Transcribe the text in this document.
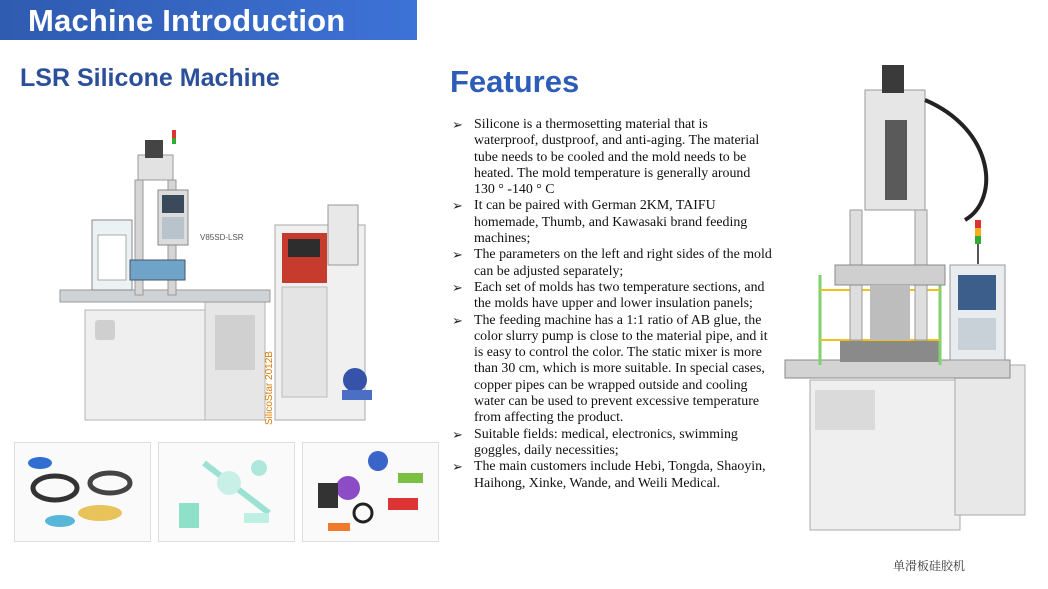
Machine Introduction
LSR Silicone Machine
V85SD-LSR
SilicoStar 2012B
Features
➢ Silicone is a thermosetting material that is waterproof, dustproof, and anti-aging. The material tube needs to be cooled and the mold needs to be heated. The mold temperature is generally around 130 ° -140 ° C
➢ It can be paired with German 2KM, TAIFU homemade, Thumb, and Kawasaki brand feeding machines;
➢ The parameters on the left and right sides of the mold can be adjusted separately;
➢ Each set of molds has two temperature sections, and the molds have upper and lower insulation panels;
➢ The feeding machine has a 1:1 ratio of AB glue, the color slurry pump is close to the material pipe, and it is easy to control the color. The static mixer is more than 30 cm, which is more suitable. In special cases, copper pipes can be wrapped outside and cooling water can be used to prevent excessive temperature from affecting the product.
➢ Suitable fields: medical, electronics, swimming goggles, daily necessities;
➢ The main customers include Hebi, Tongda, Shaoyin, Haihong, Xinke, Wande, and Weili Medical.
单滑板硅胶机
